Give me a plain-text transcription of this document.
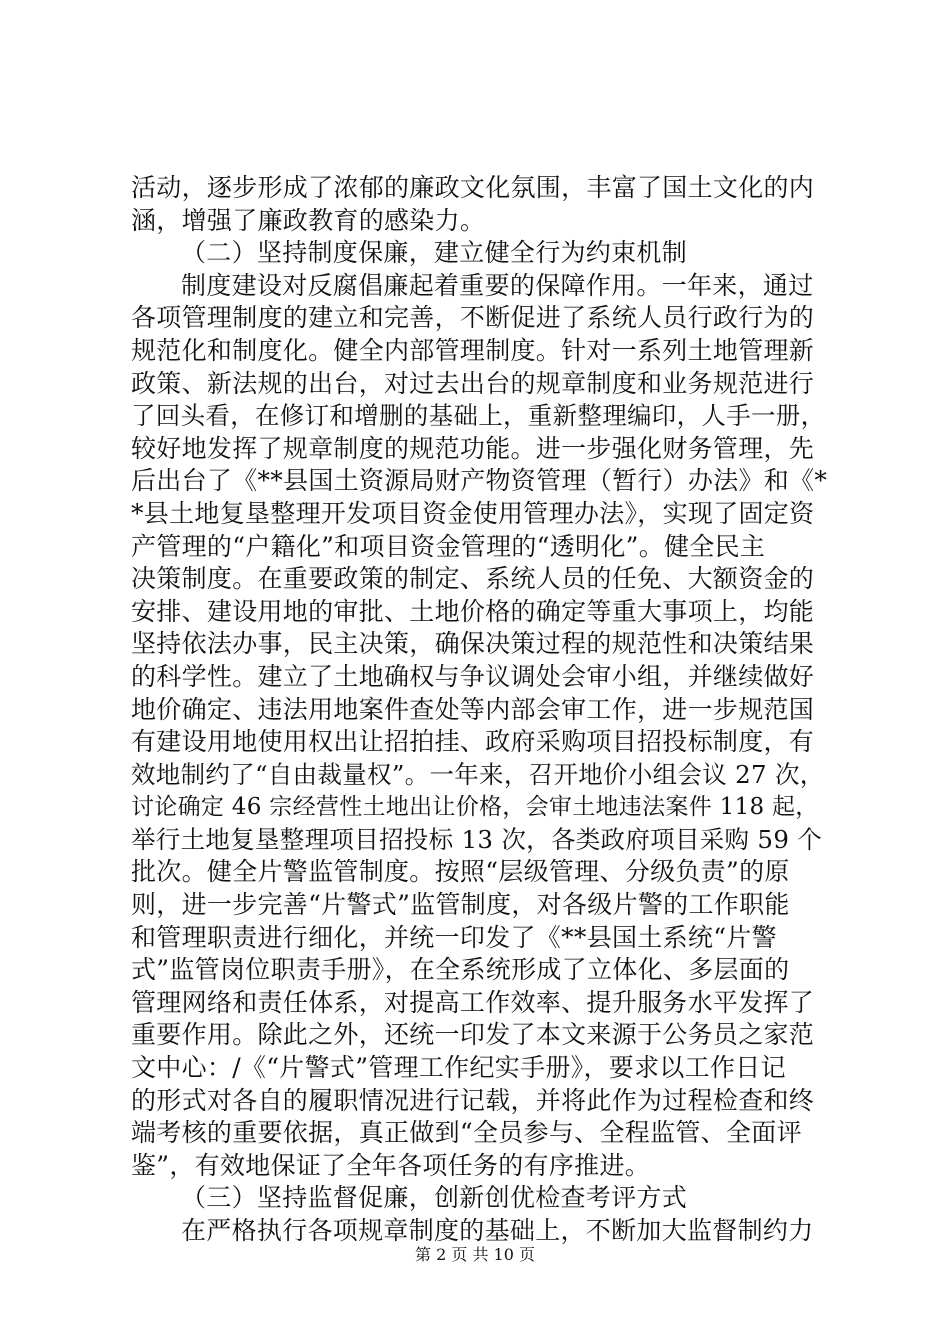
活动，逐步形成了浓郁的廉政文化氛围，丰富了国土文化的内
涵，增强了廉政教育的感染力。
（二）坚持制度保廉，建立健全行为约束机制
制度建设对反腐倡廉起着重要的保障作用。一年来，通过
各项管理制度的建立和完善，不断促进了系统人员行政行为的
规范化和制度化。健全内部管理制度。针对一系列土地管理新
政策、新法规的出台，对过去出台的规章制度和业务规范进行
了回头看，在修订和增删的基础上，重新整理编印，人手一册，
较好地发挥了规章制度的规范功能。进一步强化财务管理，先
后出台了《**县国土资源局财产物资管理（暂行）办法》和《*
*县土地复垦整理开发项目资金使用管理办法》，实现了固定资
产管理的“户籍化”和项目资金管理的“透明化”。健全民主
决策制度。在重要政策的制定、系统人员的任免、大额资金的
安排、建设用地的审批、土地价格的确定等重大事项上，均能
坚持依法办事，民主决策，确保决策过程的规范性和决策结果
的科学性。建立了土地确权与争议调处会审小组，并继续做好
地价确定、违法用地案件查处等内部会审工作，进一步规范国
有建设用地使用权出让招拍挂、政府采购项目招投标制度，有
效地制约了“自由裁量权”。一年来，召开地价小组会议 27 次，
讨论确定 46 宗经营性土地出让价格，会审土地违法案件 118 起，
举行土地复垦整理项目招投标 13 次，各类政府项目采购 59 个
批次。健全片警监管制度。按照“层级管理、分级负责”的原
则，进一步完善“片警式”监管制度，对各级片警的工作职能
和管理职责进行细化，并统一印发了《**县国土系统“片警
式”监管岗位职责手册》，在全系统形成了立体化、多层面的
管理网络和责任体系，对提高工作效率、提升服务水平发挥了
重要作用。除此之外，还统一印发了本文来源于公务员之家范
文中心：/《“片警式”管理工作纪实手册》，要求以工作日记
的形式对各自的履职情况进行记载，并将此作为过程检查和终
端考核的重要依据，真正做到“全员参与、全程监管、全面评
鉴”，有效地保证了全年各项任务的有序推进。
（三）坚持监督促廉，创新创优检查考评方式
在严格执行各项规章制度的基础上，不断加大监督制约力
第 2 页 共 10 页
